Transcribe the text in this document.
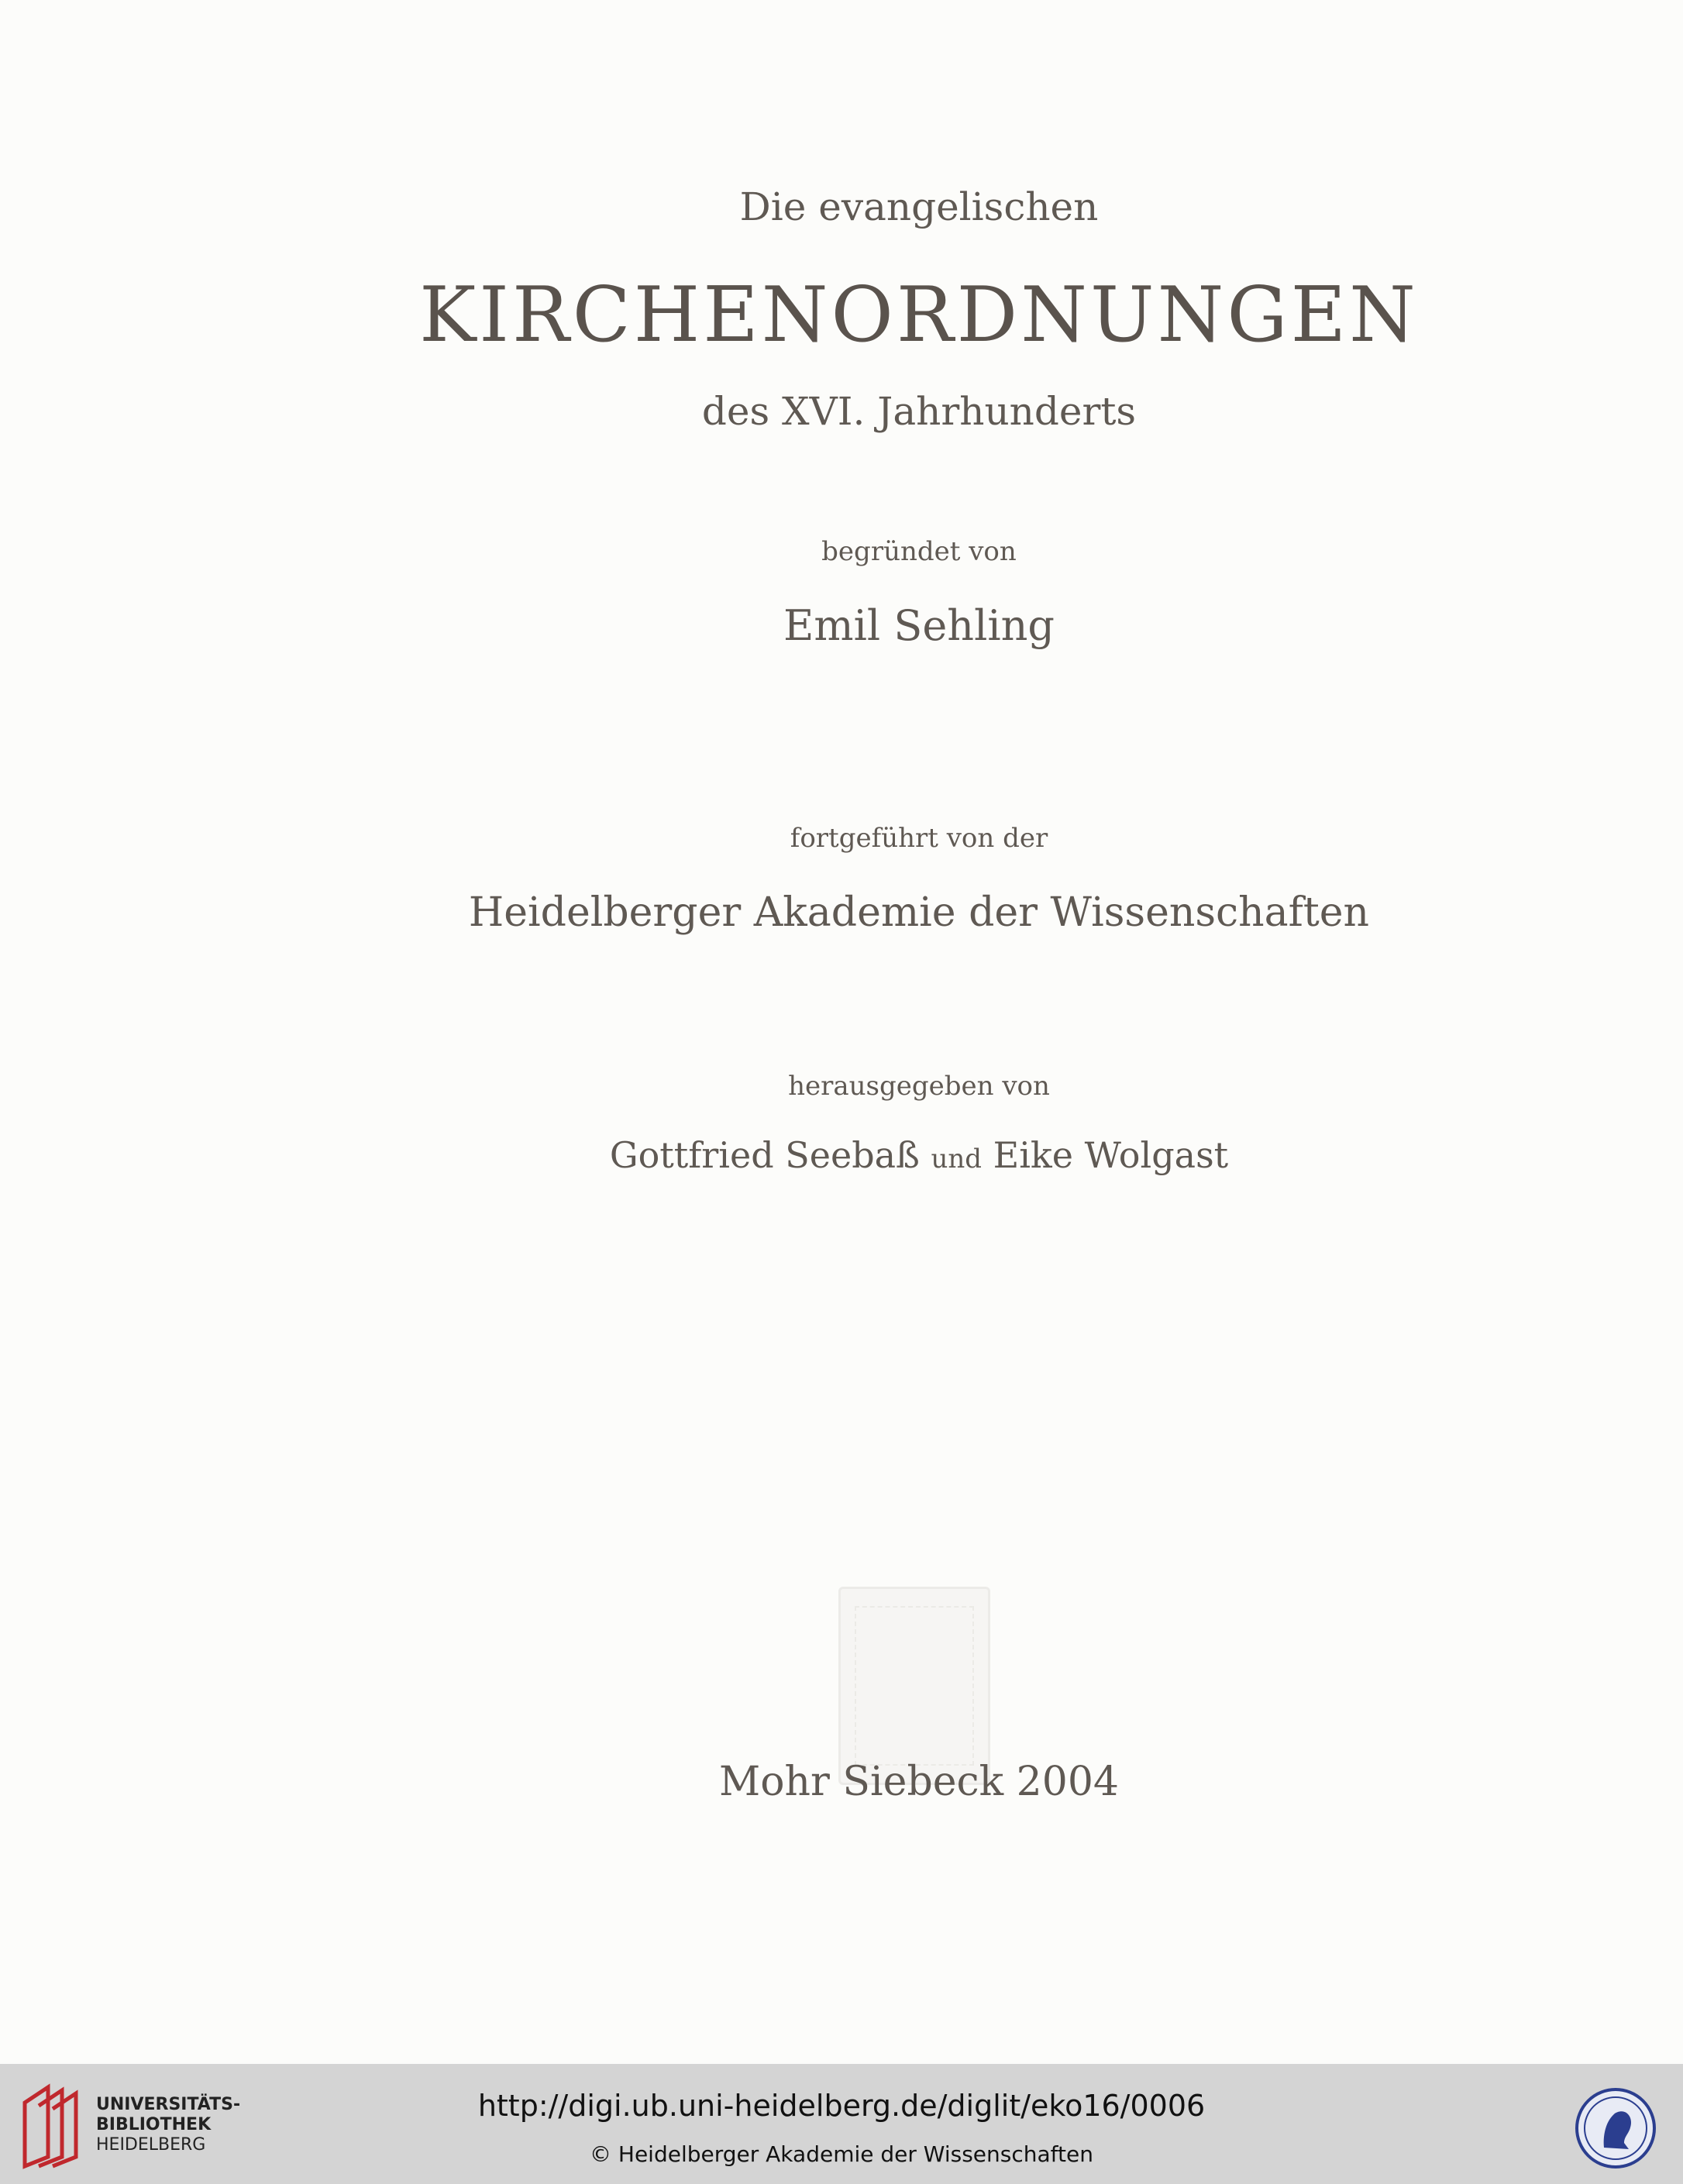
Die evangelischen
KIRCHENORDNUNGEN
des XVI. Jahrhunderts
begründet von
Emil Sehling
fortgeführt von der
Heidelberger Akademie der Wissenschaften
herausgegeben von
Gottfried Seebaß und Eike Wolgast
Mohr Siebeck 2004
UNIVERSITÄTS-
BIBLIOTHEK
HEIDELBERG
http://digi.ub.uni-heidelberg.de/diglit/eko16/0006
© Heidelberger Akademie der Wissenschaften
